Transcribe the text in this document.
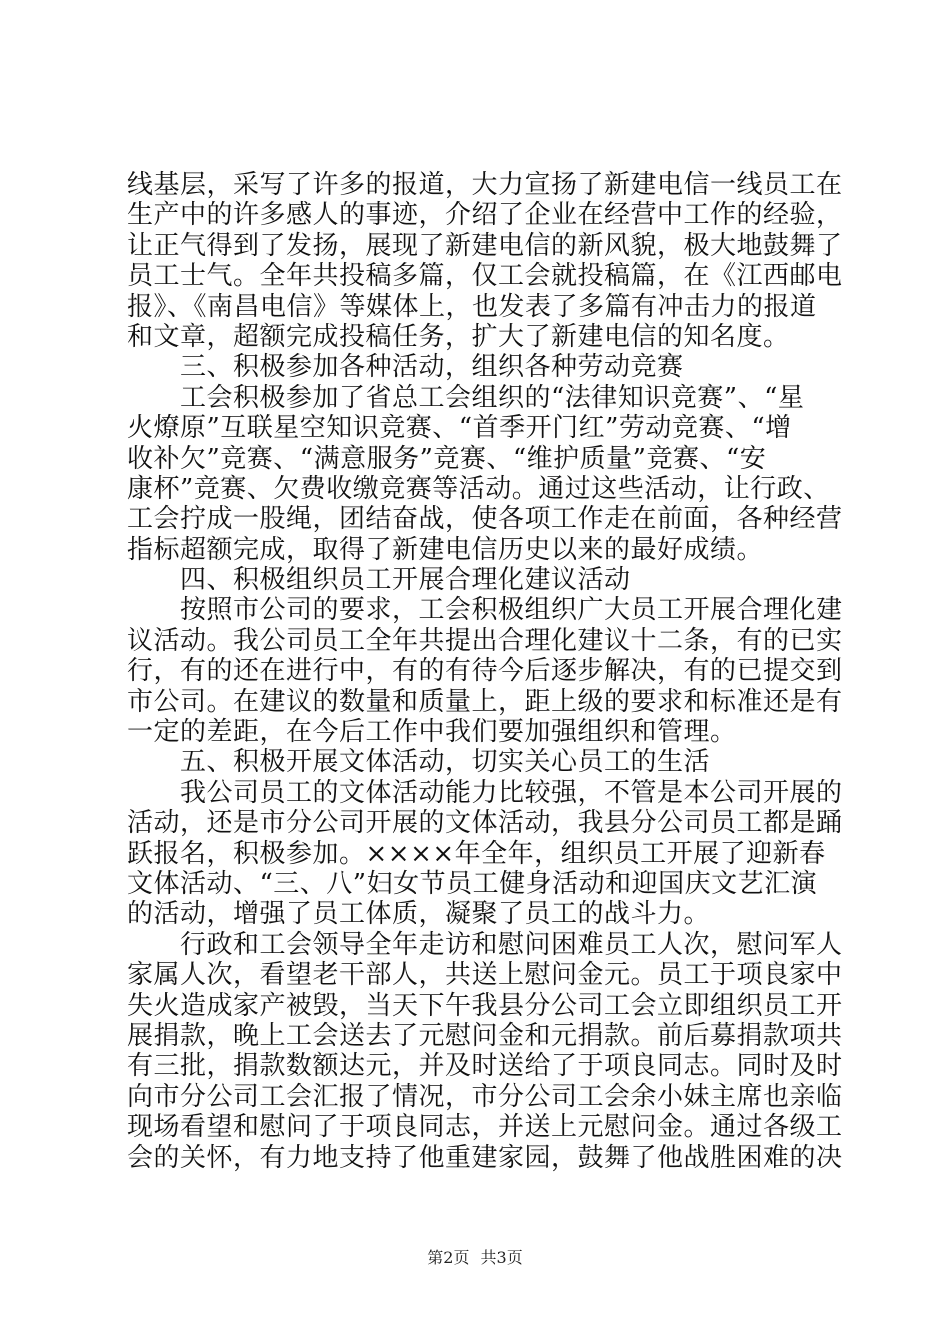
线基层，采写了许多的报道，大力宣扬了新建电信一线员工在
生产中的许多感人的事迹，介绍了企业在经营中工作的经验，
让正气得到了发扬，展现了新建电信的新风貌，极大地鼓舞了
员工士气。全年共投稿多篇，仅工会就投稿篇，在《江西邮电
报》、《南昌电信》等媒体上，也发表了多篇有冲击力的报道
和文章，超额完成投稿任务，扩大了新建电信的知名度。
　　三、积极参加各种活动，组织各种劳动竞赛
　　工会积极参加了省总工会组织的“法律知识竞赛”、“星
火燎原”互联星空知识竞赛、“首季开门红”劳动竞赛、“增
收补欠”竞赛、“满意服务”竞赛、“维护质量”竞赛、“安
康杯”竞赛、欠费收缴竞赛等活动。通过这些活动，让行政、
工会拧成一股绳，团结奋战，使各项工作走在前面，各种经营
指标超额完成，取得了新建电信历史以来的最好成绩。
　　四、积极组织员工开展合理化建议活动
　　按照市公司的要求，工会积极组织广大员工开展合理化建
议活动。我公司员工全年共提出合理化建议十二条，有的已实
行，有的还在进行中，有的有待今后逐步解决，有的已提交到
市公司。在建议的数量和质量上，距上级的要求和标准还是有
一定的差距，在今后工作中我们要加强组织和管理。
　　五、积极开展文体活动，切实关心员工的生活
　　我公司员工的文体活动能力比较强，不管是本公司开展的
活动，还是市分公司开展的文体活动，我县分公司员工都是踊
跃报名，积极参加。××××年全年，组织员工开展了迎新春
文体活动、“三、八”妇女节员工健身活动和迎国庆文艺汇演
的活动，增强了员工体质，凝聚了员工的战斗力。
　　行政和工会领导全年走访和慰问困难员工人次，慰问军人
家属人次，看望老干部人，共送上慰问金元。员工于项良家中
失火造成家产被毁，当天下午我县分公司工会立即组织员工开
展捐款，晚上工会送去了元慰问金和元捐款。前后募捐款项共
有三批，捐款数额达元，并及时送给了于项良同志。同时及时
向市分公司工会汇报了情况，市分公司工会余小妹主席也亲临
现场看望和慰问了于项良同志，并送上元慰问金。通过各级工
会的关怀，有力地支持了他重建家园，鼓舞了他战胜困难的决
第2页 共3页
